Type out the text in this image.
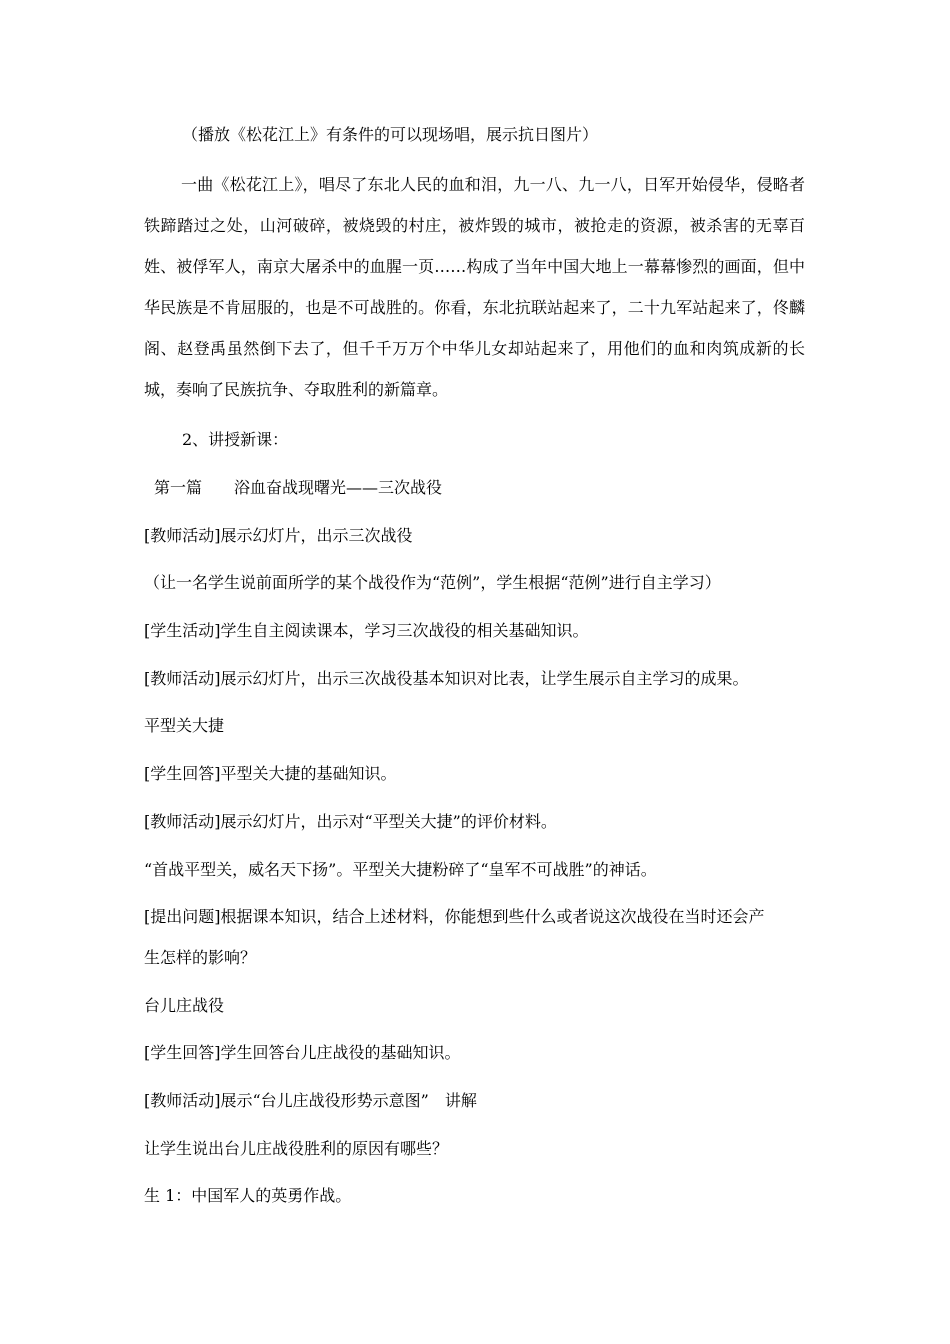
（播放《松花江上》有条件的可以现场唱，展示抗日图片）
一曲《松花江上》，唱尽了东北人民的血和泪，九一八、九一八，日军开始侵华，侵略者铁蹄踏过之处，山河破碎，被烧毁的村庄，被炸毁的城市，被抢走的资源，被杀害的无辜百姓、被俘军人，南京大屠杀中的血腥一页……构成了当年中国大地上一幕幕惨烈的画面，但中华民族是不肯屈服的，也是不可战胜的。你看，东北抗联站起来了，二十九军站起来了，佟麟阁、赵登禹虽然倒下去了，但千千万万个中华儿女却站起来了，用他们的血和肉筑成新的长城，奏响了民族抗争、夺取胜利的新篇章。
2、讲授新课：
第一篇　　浴血奋战现曙光——三次战役
[教师活动]展示幻灯片，出示三次战役
（让一名学生说前面所学的某个战役作为“范例”，学生根据“范例”进行自主学习）
[学生活动]学生自主阅读课本，学习三次战役的相关基础知识。
[教师活动]展示幻灯片，出示三次战役基本知识对比表，让学生展示自主学习的成果。
平型关大捷
[学生回答]平型关大捷的基础知识。
[教师活动]展示幻灯片，出示对“平型关大捷”的评价材料。
“首战平型关，威名天下扬”。平型关大捷粉碎了“皇军不可战胜”的神话。
[提出问题]根据课本知识，结合上述材料，你能想到些什么或者说这次战役在当时还会产
生怎样的影响？
台儿庄战役
[学生回答]学生回答台儿庄战役的基础知识。
[教师活动]展示“台儿庄战役形势示意图”　讲解
让学生说出台儿庄战役胜利的原因有哪些？
生 1：中国军人的英勇作战。
